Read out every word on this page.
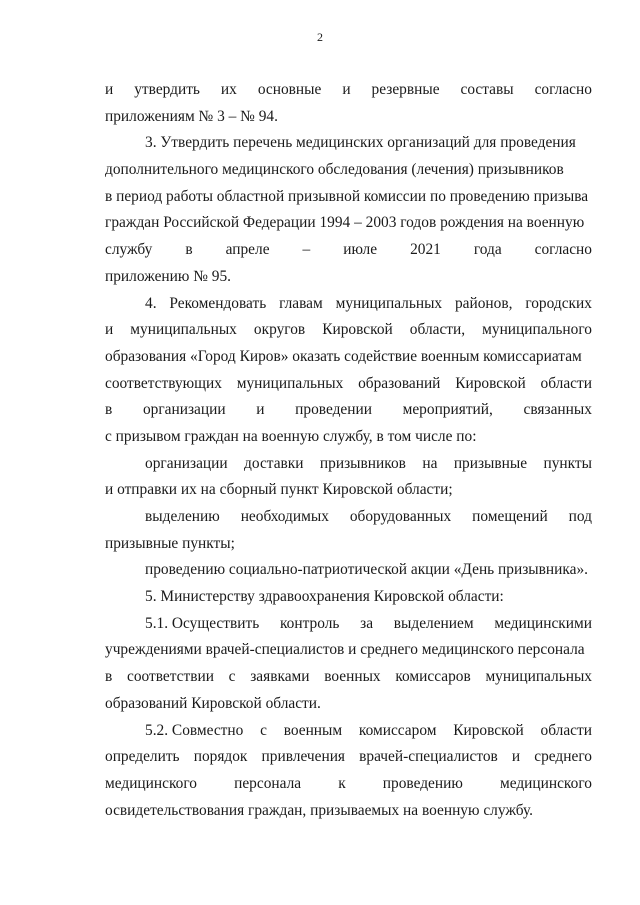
2
и утвердить их основные и резервные составы согласно
приложениям № 3 – № 94.
3. Утвердить перечень медицинских организаций для проведения
дополнительного медицинского обследования (лечения) призывников
в период работы областной призывной комиссии по проведению призыва
граждан Российской Федерации 1994 – 2003 годов рождения на военную
службу в апреле – июле 2021 года согласно
приложению № 95.
4. Рекомендовать главам муниципальных районов, городских
и муниципальных округов Кировской области, муниципального
образования «Город Киров» оказать содействие военным комиссариатам
соответствующих муниципальных образований Кировской области
в организации и проведении мероприятий, связанных
с призывом граждан на военную службу, в том числе по:
организации доставки призывников на призывные пункты
и отправки их на сборный пункт Кировской области;
выделению необходимых оборудованных помещений под
призывные пункты;
проведению социально-патриотической акции «День призывника».
5. Министерству здравоохранения Кировской области:
5.1. Осуществить контроль за выделением медицинскими
учреждениями врачей-специалистов и среднего медицинского персонала
в соответствии с заявками военных комиссаров муниципальных
образований Кировской области.
5.2. Совместно с военным комиссаром Кировской области
определить порядок привлечения врачей-специалистов и среднего
медицинского персонала к проведению медицинского
освидетельствования граждан, призываемых на военную службу.
